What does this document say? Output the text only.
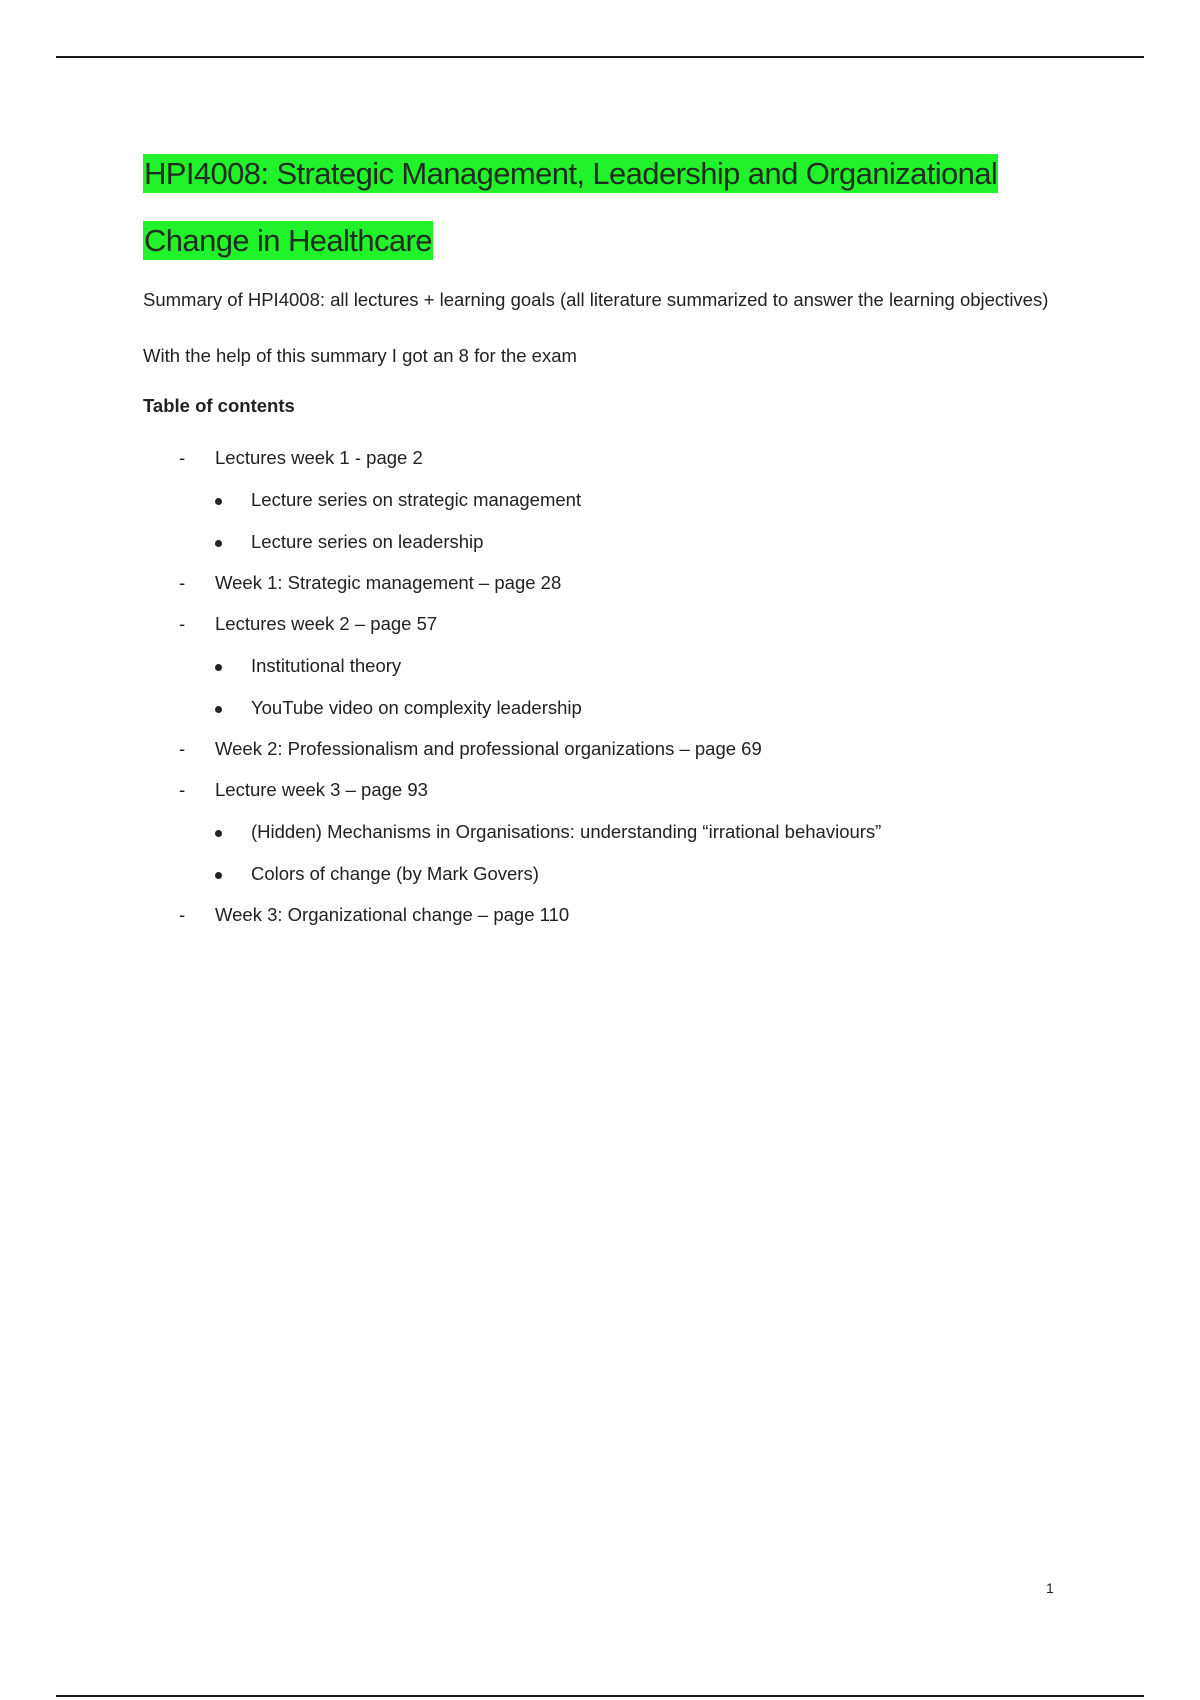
HPI4008: Strategic Management, Leadership and Organizational
Change in Healthcare
Summary of HPI4008: all lectures + learning goals (all literature summarized to answer the learning objectives)
With the help of this summary I got an 8 for the exam
Table of contents
- Lectures week 1 - page 2
Lecture series on strategic management
Lecture series on leadership
- Week 1: Strategic management – page 28
- Lectures week 2 – page 57
Institutional theory
YouTube video on complexity leadership
- Week 2: Professionalism and professional organizations – page 69
- Lecture week 3 – page 93
(Hidden) Mechanisms in Organisations: understanding “irrational behaviours”
Colors of change (by Mark Govers)
- Week 3: Organizational change – page 110
1
